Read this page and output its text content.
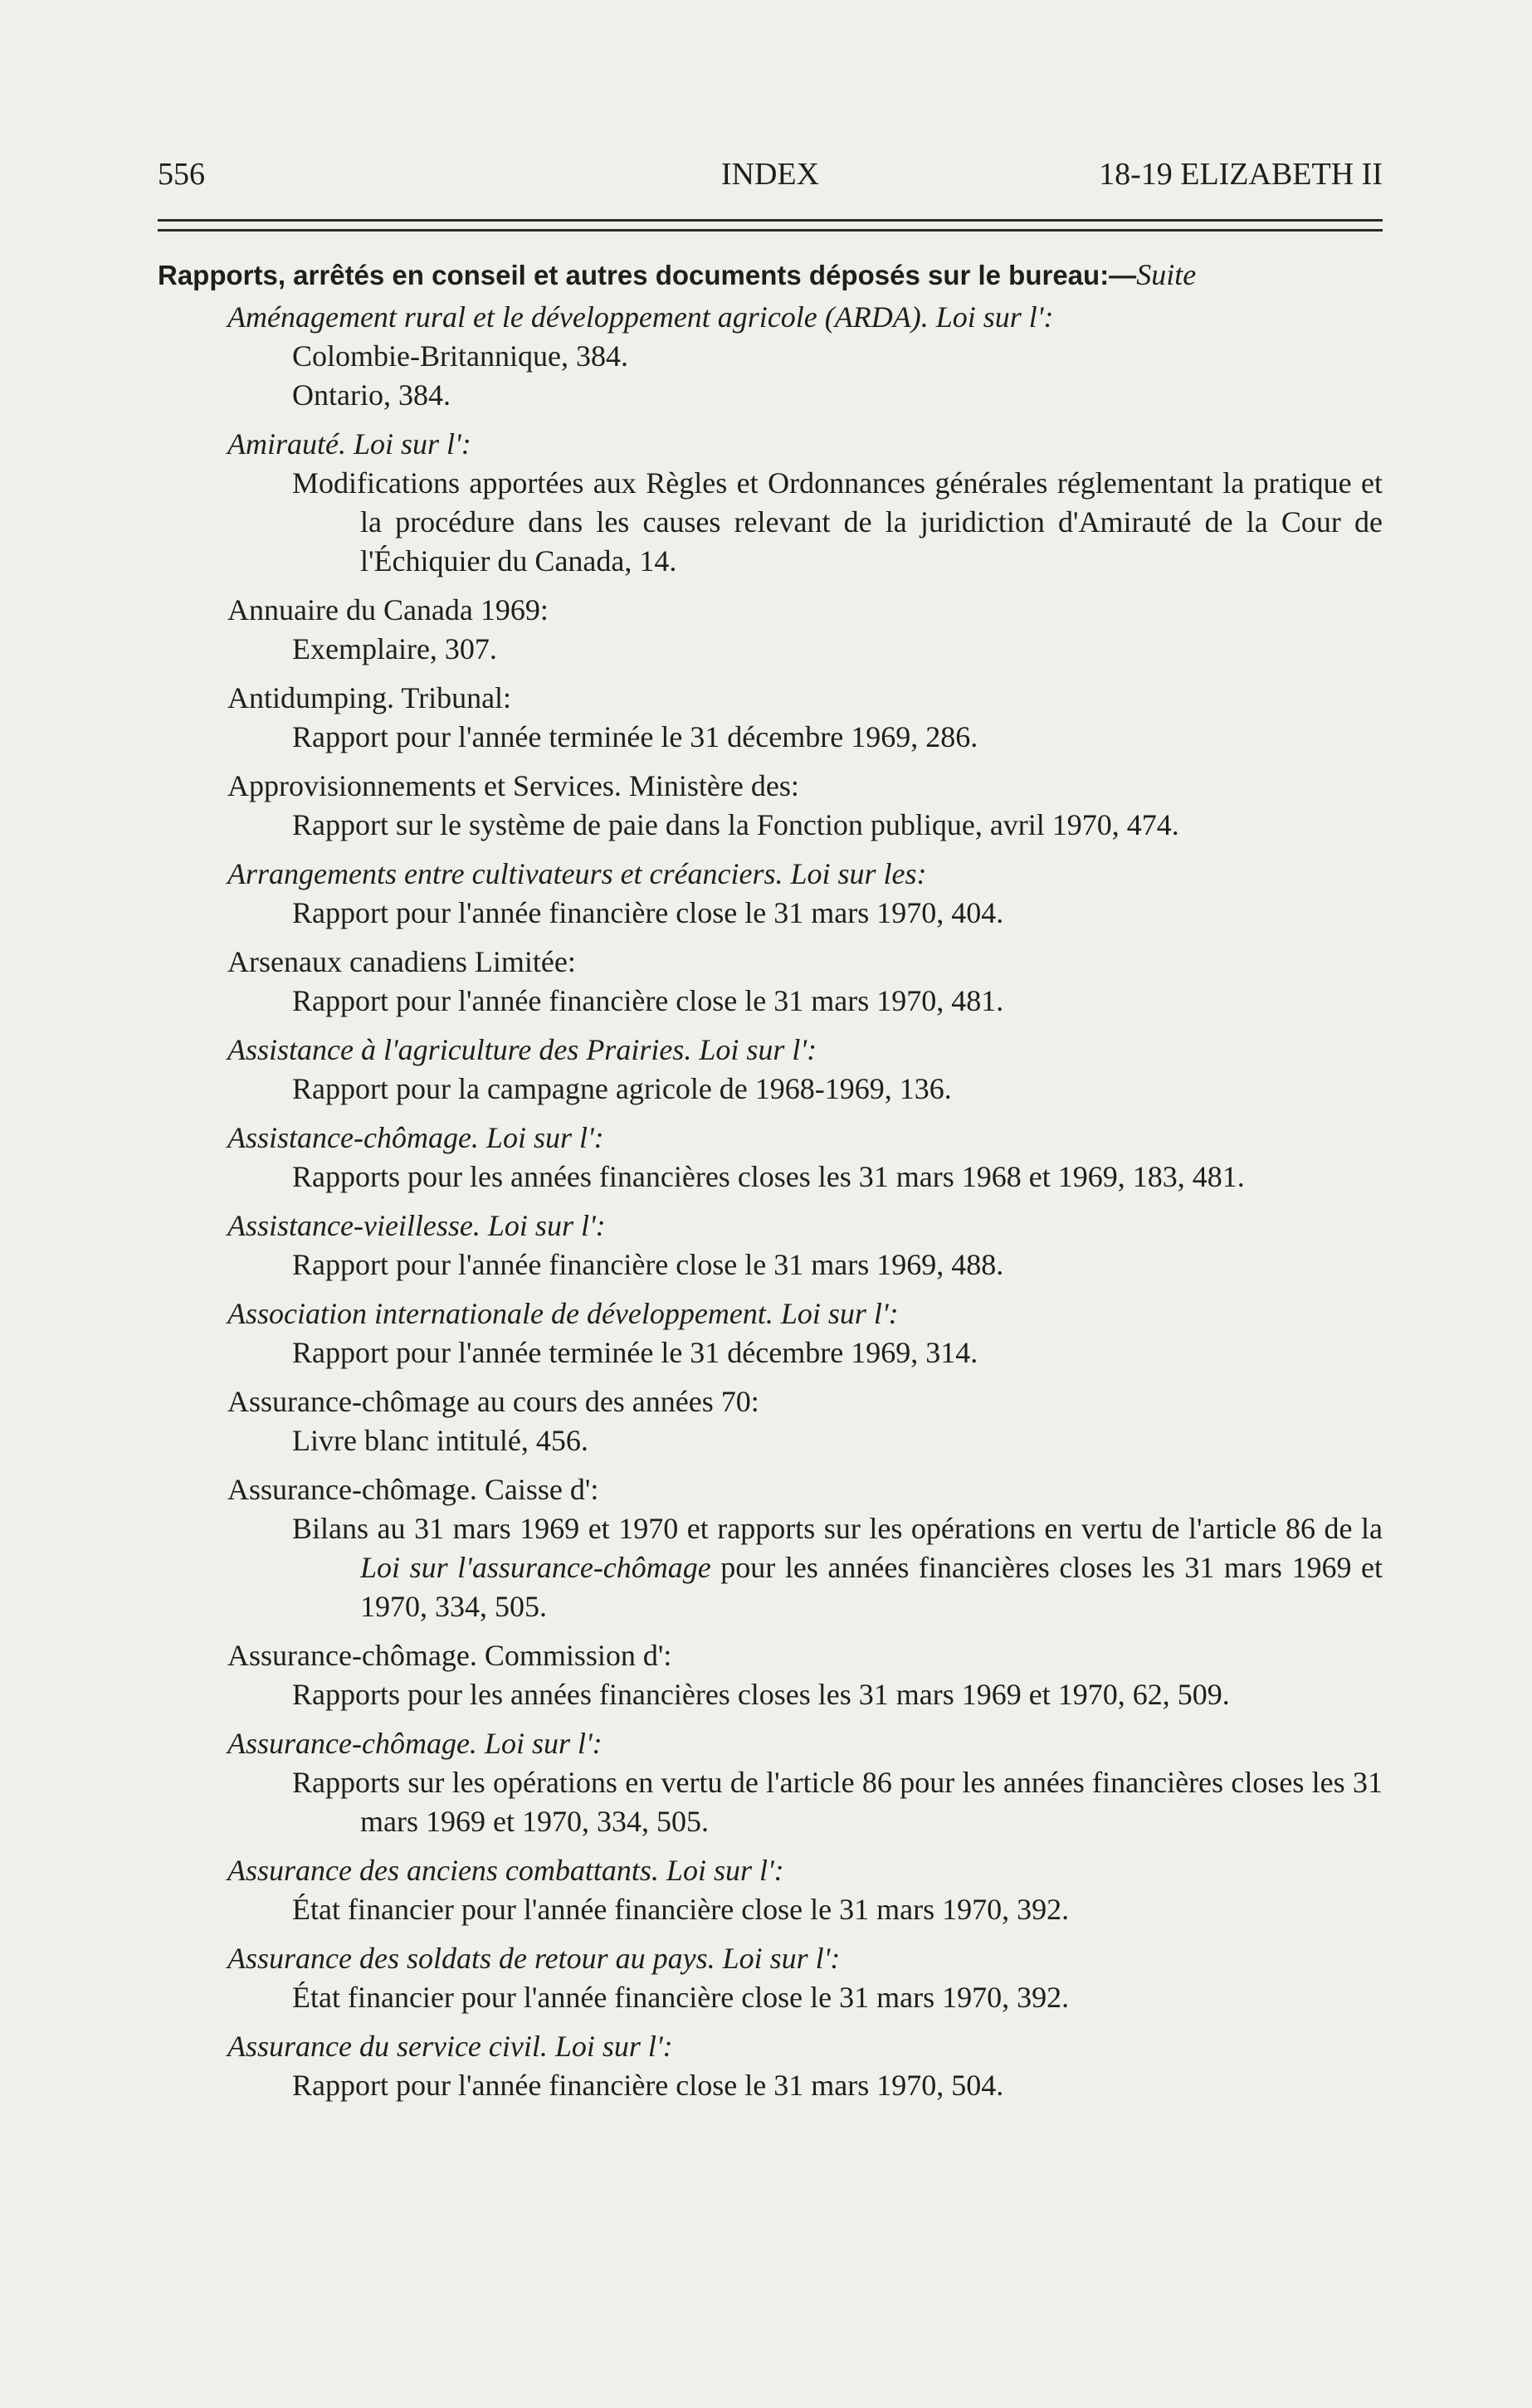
556	INDEX	18-19 ELIZABETH II
Rapports, arrêtés en conseil et autres documents déposés sur le bureau:—Suite
Aménagement rural et le développement agricole (ARDA). Loi sur l':
Colombie-Britannique, 384.
Ontario, 384.
Amirauté. Loi sur l':
Modifications apportées aux Règles et Ordonnances générales réglementant la pratique et la procédure dans les causes relevant de la juridiction d'Amirauté de la Cour de l'Échiquier du Canada, 14.
Annuaire du Canada 1969:
Exemplaire, 307.
Antidumping. Tribunal:
Rapport pour l'année terminée le 31 décembre 1969, 286.
Approvisionnements et Services. Ministère des:
Rapport sur le système de paie dans la Fonction publique, avril 1970, 474.
Arrangements entre cultivateurs et créanciers. Loi sur les:
Rapport pour l'année financière close le 31 mars 1970, 404.
Arsenaux canadiens Limitée:
Rapport pour l'année financière close le 31 mars 1970, 481.
Assistance à l'agriculture des Prairies. Loi sur l':
Rapport pour la campagne agricole de 1968-1969, 136.
Assistance-chômage. Loi sur l':
Rapports pour les années financières closes les 31 mars 1968 et 1969, 183, 481.
Assistance-vieillesse. Loi sur l':
Rapport pour l'année financière close le 31 mars 1969, 488.
Association internationale de développement. Loi sur l':
Rapport pour l'année terminée le 31 décembre 1969, 314.
Assurance-chômage au cours des années 70:
Livre blanc intitulé, 456.
Assurance-chômage. Caisse d':
Bilans au 31 mars 1969 et 1970 et rapports sur les opérations en vertu de l'article 86 de la Loi sur l'assurance-chômage pour les années financières closes les 31 mars 1969 et 1970, 334, 505.
Assurance-chômage. Commission d':
Rapports pour les années financières closes les 31 mars 1969 et 1970, 62, 509.
Assurance-chômage. Loi sur l':
Rapports sur les opérations en vertu de l'article 86 pour les années financières closes les 31 mars 1969 et 1970, 334, 505.
Assurance des anciens combattants. Loi sur l':
État financier pour l'année financière close le 31 mars 1970, 392.
Assurance des soldats de retour au pays. Loi sur l':
État financier pour l'année financière close le 31 mars 1970, 392.
Assurance du service civil. Loi sur l':
Rapport pour l'année financière close le 31 mars 1970, 504.
